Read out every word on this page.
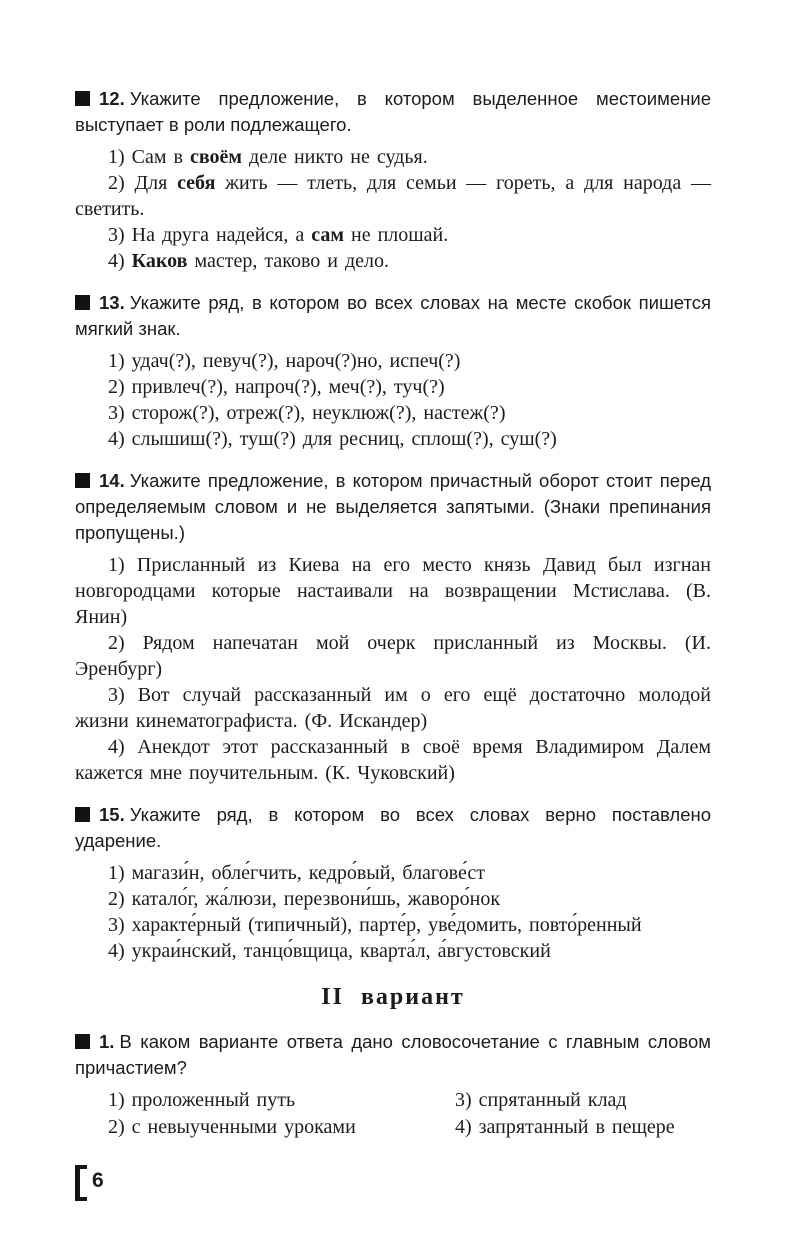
12. Укажите предложение, в котором выделенное местоимение выступает в роли подлежащего.

1) Сам в своём деле никто не судья.

2) Для себя жить — тлеть, для семьи — гореть, а для народа — светить.

3) На друга надейся, а сам не плошай.

4) Каков мастер, таково и дело.

13. Укажите ряд, в котором во всех словах на месте скобок пишется мягкий знак.

1) удач(?), певуч(?), нароч(?)но, испеч(?)

2) привлеч(?), напроч(?), меч(?), туч(?)

3) сторож(?), отреж(?), неуклюж(?), настеж(?)

4) слышиш(?), туш(?) для ресниц, сплош(?), суш(?)

14. Укажите предложение, в котором причастный оборот стоит перед определяемым словом и не выделяется запятыми. (Знаки препинания пропущены.)

1) Присланный из Киева на его место князь Давид был изгнан новгородцами которые настаивали на возвращении Мстислава. (В. Янин)

2) Рядом напечатан мой очерк присланный из Москвы. (И. Эренбург)

3) Вот случай рассказанный им о его ещё достаточно молодой жизни кинематографиста. (Ф. Искандер)

4) Анекдот этот рассказанный в своё время Владимиром Далем кажется мне поучительным. (К. Чуковский)

15. Укажите ряд, в котором во всех словах верно поставлено ударение.

1) магази́н, обле́гчить, кедро́вый, благове́ст

2) катало́г, жа́люзи, перезвони́шь, жаворо́нок

3) характе́рный (типичный), парте́р, уве́домить, повто́ренный

4) украи́нский, танцо́вщица, кварта́л, а́вгустовский

II вариант

1. В каком варианте ответа дано словосочетание с главным словом причастием?

1) проложенный путь	3) спрятанный клад
2) с невыученными уроками	4) запрятанный в пещере
6
